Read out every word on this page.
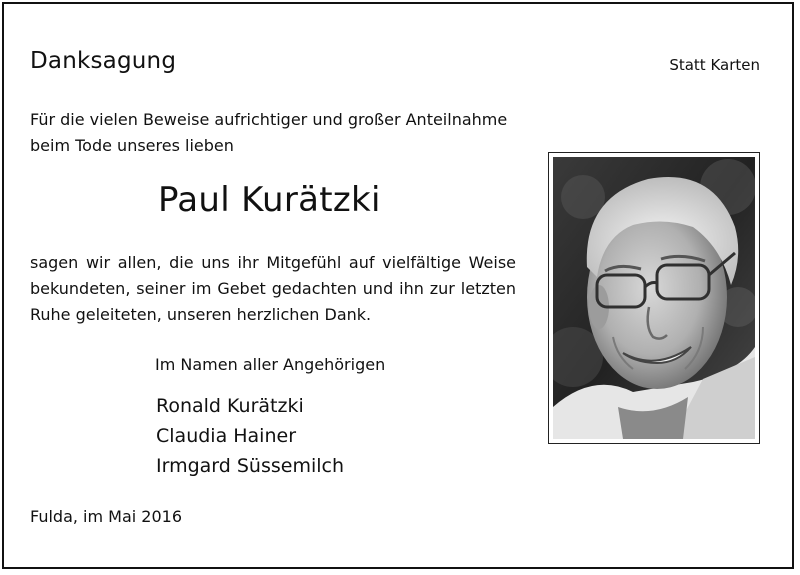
Danksagung	Statt Karten
Für die vielen Beweise aufrichtiger und großer Anteilnahme
beim Tode unseres lieben
Paul Kurätzki
sagen wir allen, die uns ihr Mitgefühl auf vielfältige Weise
bekundeten, seiner im Gebet gedachten und ihn zur letzten
Ruhe geleiteten, unseren herzlichen Dank.
Im Namen aller Angehörigen
Ronald Kurätzki
Claudia Hainer
Irmgard Süssemilch
Fulda, im Mai 2016
